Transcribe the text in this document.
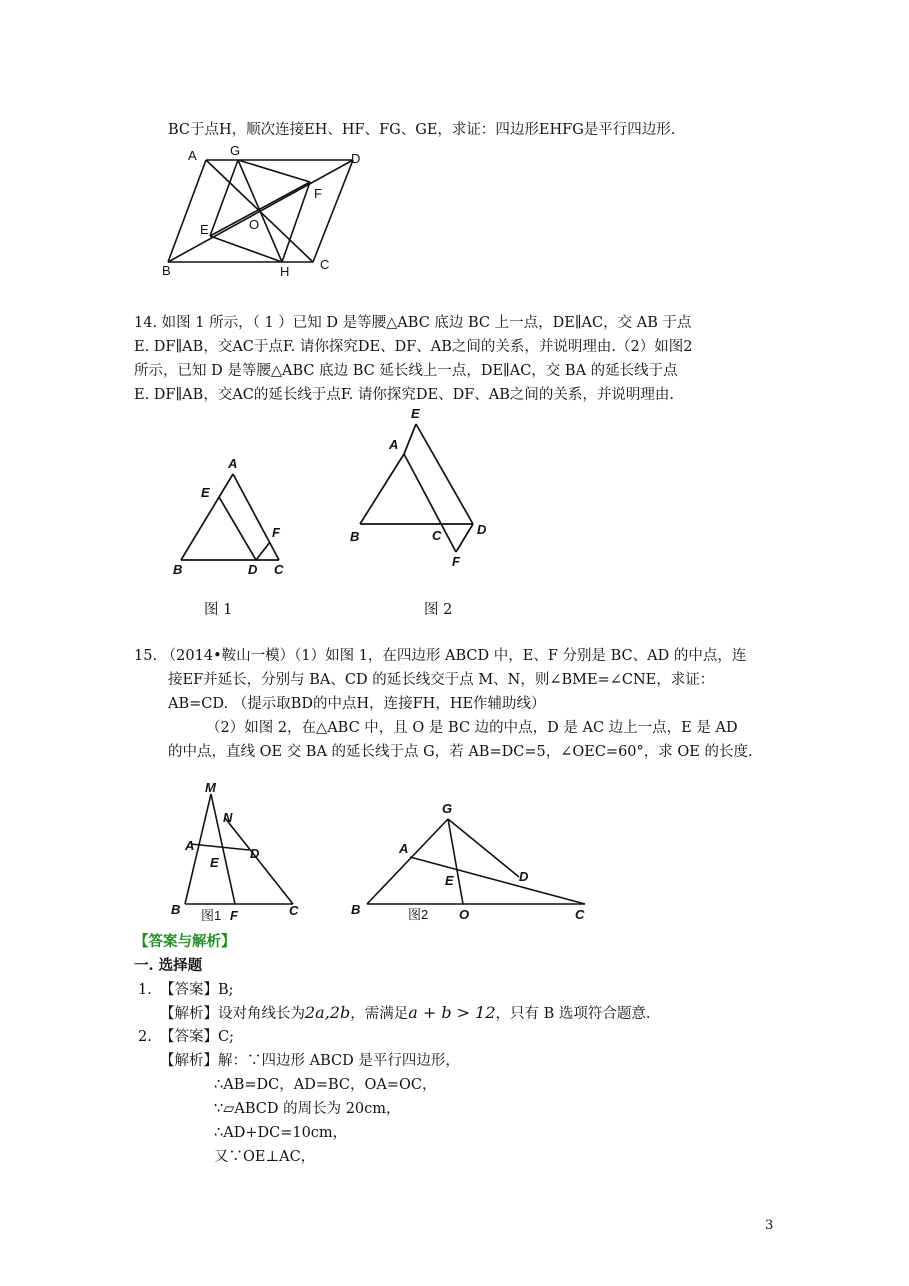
BC于点H，顺次连接EH、HF、FG、GE，求证：四边形EHFG是平行四边形.
A	G
D
F
O
E
B	H C
14. 如图 1 所示，（ 1 ）已知 D 是等腰△ABC 底边 BC 上一点，DE∥AC，交 AB 于点
E. DF∥AB，交AC于点F. 请你探究DE、DF、AB之间的关系，并说明理由.（2）如图2
所示，已知 D 是等腰△ABC 底边 BC 延长线上一点，DE∥AC，交 BA 的延长线于点
E. DF∥AB，交AC的延长线于点F. 请你探究DE、DF、AB之间的关系，并说明理由.
A
E
F
B	D C
图 1
E
A
B	C	D
F
图 2
15. （2014•鞍山一模）（1）如图 1，在四边形 ABCD 中，E、F 分别是 BC、AD 的中点，连
接EF并延长，分别与 BA、CD 的延长线交于点 M、N，则∠BME=∠CNE，求证：
AB=CD. （提示取BD的中点H，连接FH，HE作辅助线）
（2）如图 2，在△ABC 中，且 O 是 BC 边的中点，D 是 AC 边上一点，E 是 AD
的中点，直线 OE 交 BA 的延长线于点 G，若 AB=DC=5，∠OEC=60°，求 OE 的长度.
M
N
A
D
E
B 图1 F	C
G
A
E	D
B	图2 O	C
【答案与解析】
一. 选择题
1. 【答案】B;
【解析】设对角线长为2a,2b，需满足a + b > 12，只有 B 选项符合题意.
2. 【答案】C;
【解析】解：∵四边形 ABCD 是平行四边形，
∴AB=DC，AD=BC，OA=OC，
∵▱ABCD 的周长为 20cm，
∴AD+DC=10cm，
又∵OE⊥AC，
3
